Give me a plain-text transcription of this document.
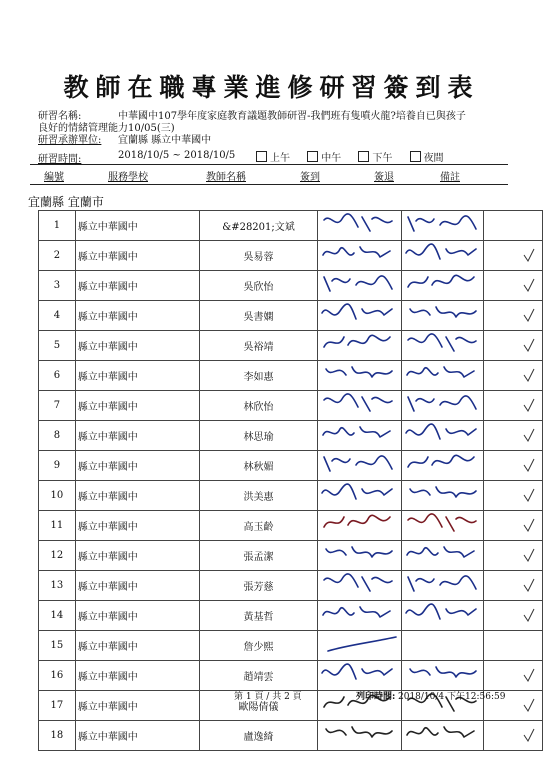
教師在職專業進修研習簽到表
研習名稱:	中華國中107學年度家庭教育議題教師研習-我們班有隻噴火龍?培養自已與孩子
良好的情緒管理能力10/05(三)
研習承辦單位: 宜蘭縣 縣立中華國中
研習時間:	2018/10/5 ~ 2018/10/5	上午	中午	下午	夜間
編號	服務學校	教師名稱	簽到	簽退	備註
宜蘭縣 宜蘭市
1	縣立中華國中	&#28201;文斌			
2	縣立中華國中	吳易蓉			
3	縣立中華國中	吳欣怡			
4	縣立中華國中	吳書嫻			
5	縣立中華國中	吳裕靖			
6	縣立中華國中	李如惠			
7	縣立中華國中	林欣怡			
8	縣立中華國中	林思瑜			
9	縣立中華國中	林秋媚			
10	縣立中華國中	洪美惠			
11	縣立中華國中	高玉齡			
12	縣立中華國中	張孟潔			
13	縣立中華國中	張芳慈			
14	縣立中華國中	黃基哲			
15	縣立中華國中	詹少熙			
16	縣立中華國中	趙靖雲			
17	縣立中華國中	歐陽倩儀			
18	縣立中華國中	盧逸綺			
第 1 頁 / 共 2 頁	列印時間: 2018/10/4 下午12:56:59
